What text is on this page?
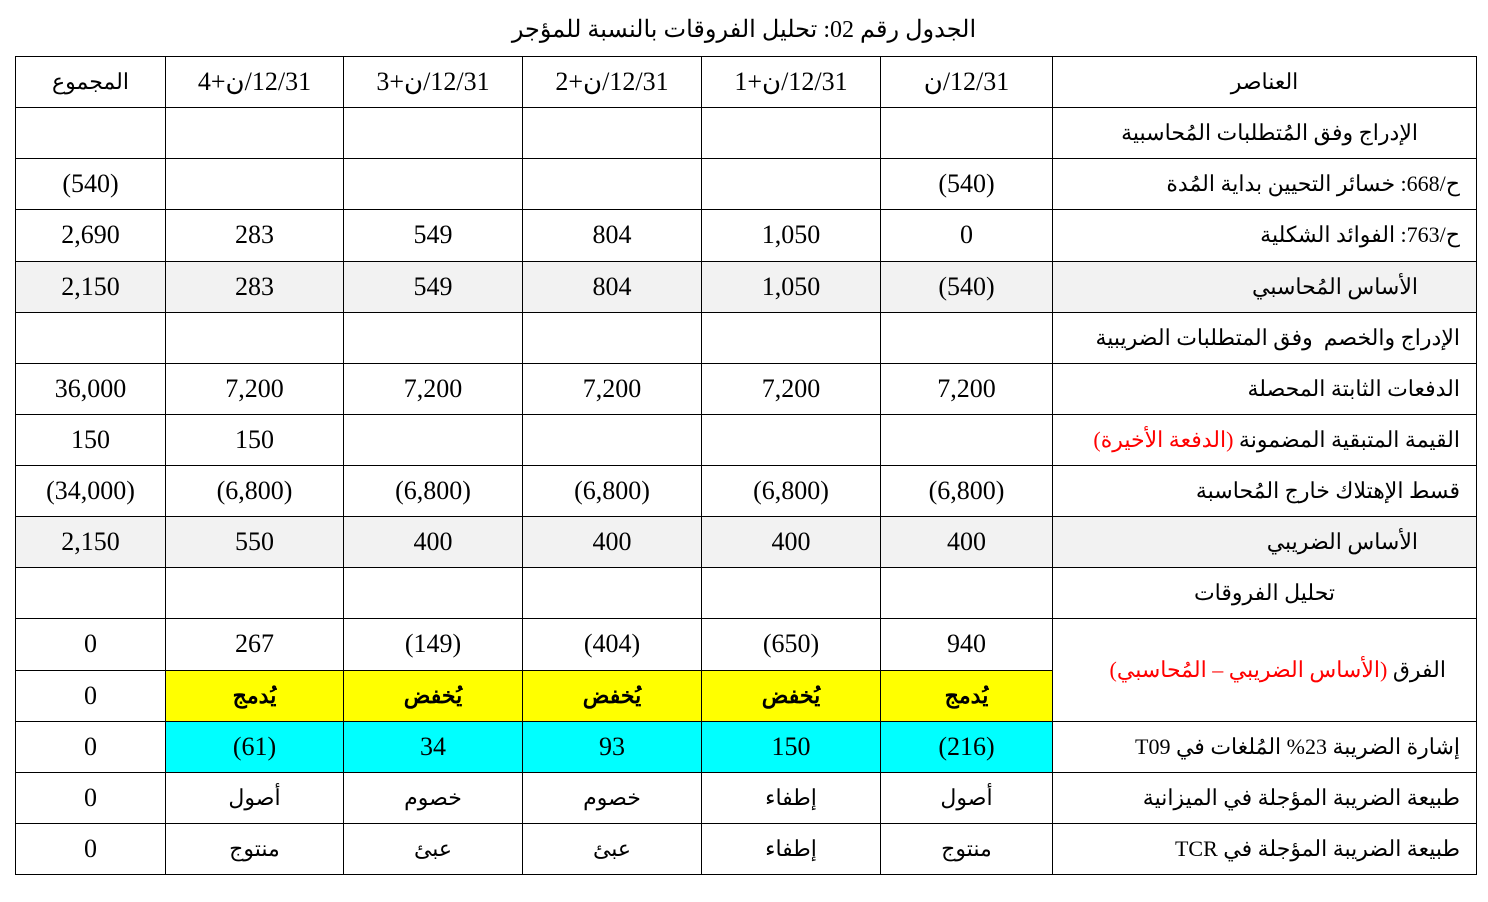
الجدول رقم 02: تحليل الفروقات بالنسبة للمؤجر
العناصر	12/31/ن	12/31/ن+1	12/31/ن+2	12/31/ن+3	12/31/ن+4	المجموع
الإدراج وفق المُتطلبات المُحاسبية						
ح/668: خسائر التحيين بداية المُدة	(540)					(540)
ح/763: الفوائد الشكلية	0	1,050	804	549	283	2,690
الأساس المُحاسبي	(540)	1,050	804	549	283	2,150
الإدراج والخصم  وفق المتطلبات الضريبية						
الدفعات الثابتة المحصلة	7,200	7,200	7,200	7,200	7,200	36,000
القيمة المتبقية المضمونة (الدفعة الأخيرة)					150	150
قسط الإهتلاك خارج المُحاسبة	(6,800)	(6,800)	(6,800)	(6,800)	(6,800)	(34,000)
الأساس الضريبي	400	400	400	400	550	2,150
تحليل الفروقات						
الفرق (الأساس الضريبي – المُحاسبي)	940	(650)	(404)	(149)	267	0
	يُدمج	يُخفض	يُخفض	يُخفض	يُدمج	0
إشارة الضريبة 23% المُلغات في T09	(216)	150	93	34	(61)	0
طبيعة الضريبة المؤجلة في الميزانية	أصول	إطفاء	خصوم	خصوم	أصول	0
طبيعة الضريبة المؤجلة في TCR	منتوج	إطفاء	عبئ	عبئ	منتوج	0
